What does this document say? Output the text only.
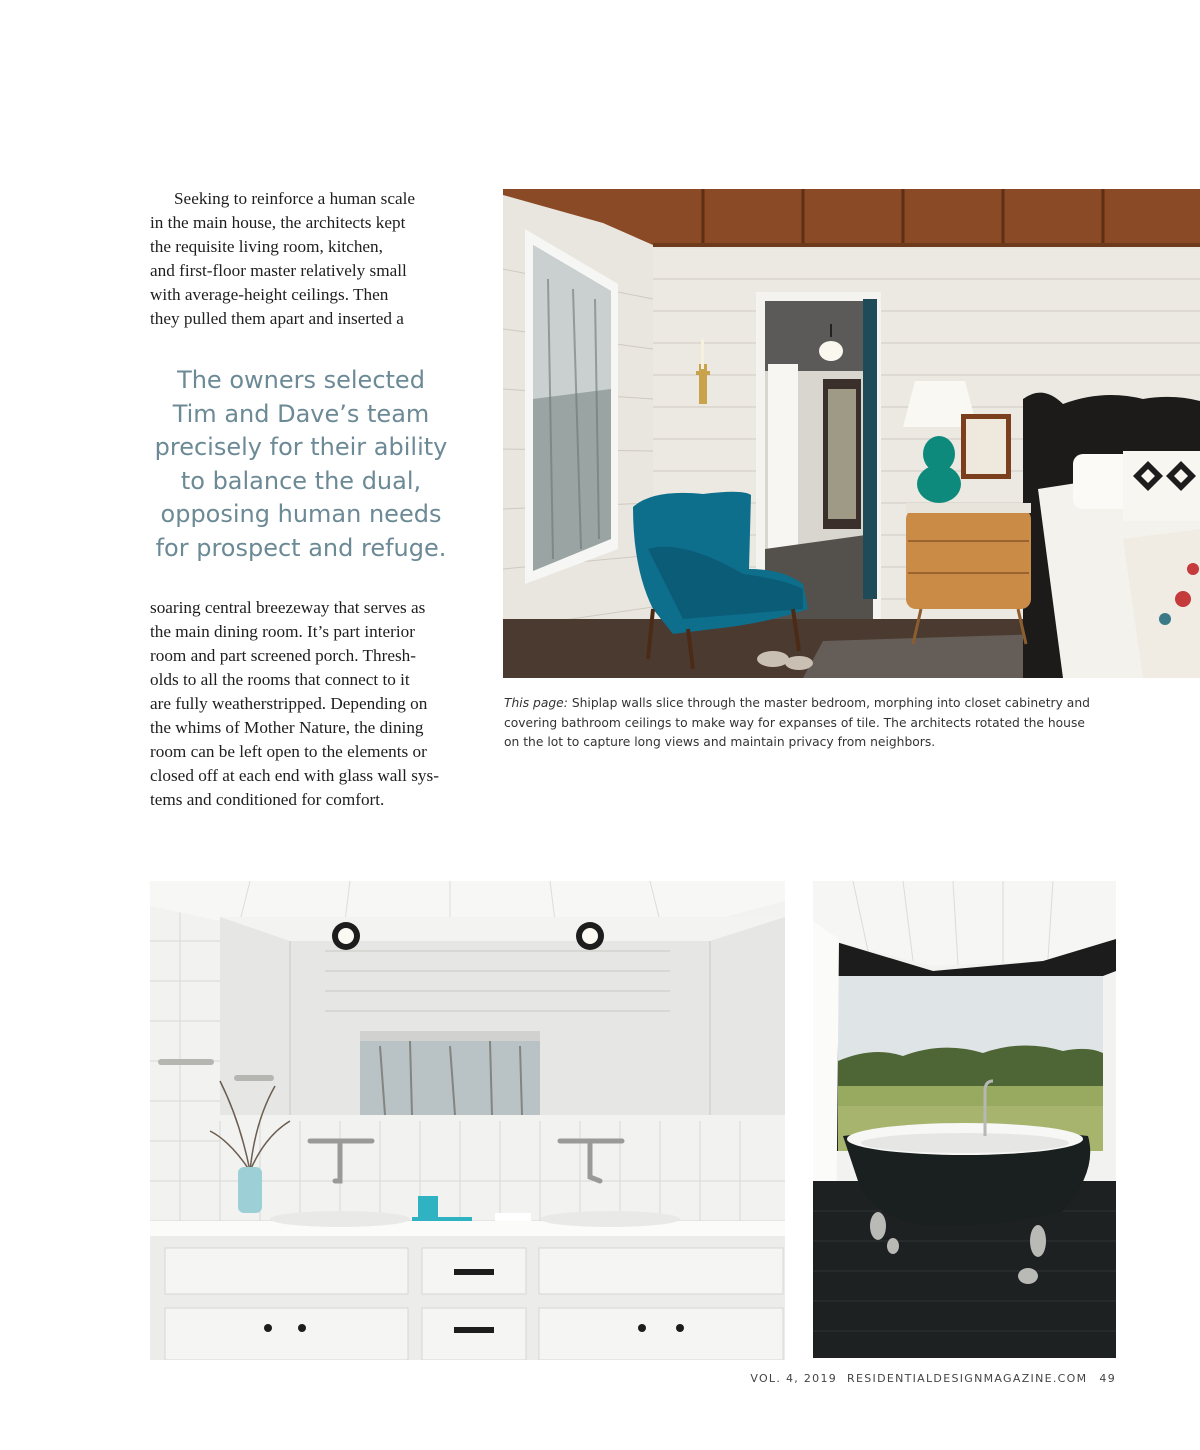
Seeking to reinforce a human scale

in the main house, the architects kept

the requisite living room, kitchen,

and first-floor master relatively small

with average-height ceilings. Then

they pulled them apart and inserted a

The owners selected
Tim and Dave’s team
precisely for their ability
to balance the dual,
opposing human needs
for prospect and refuge.

soaring central breezeway that serves as

the main dining room. It’s part interior

room and part screened porch. Thresh-

olds to all the rooms that connect to it

are fully weatherstripped. Depending on

the whims of Mother Nature, the dining

room can be left open to the elements or

closed off at each end with glass wall sys-

tems and conditioned for comfort.

This page: Shiplap walls slice through the master bedroom, morphing into closet cabinetry and covering bathroom ceilings to make way for expanses of tile. The architects rotated the house on the lot to capture long views and maintain privacy from neighbors.

VOL. 4, 2019 RESIDENTIALDESIGNMAGAZINE.COM 49
